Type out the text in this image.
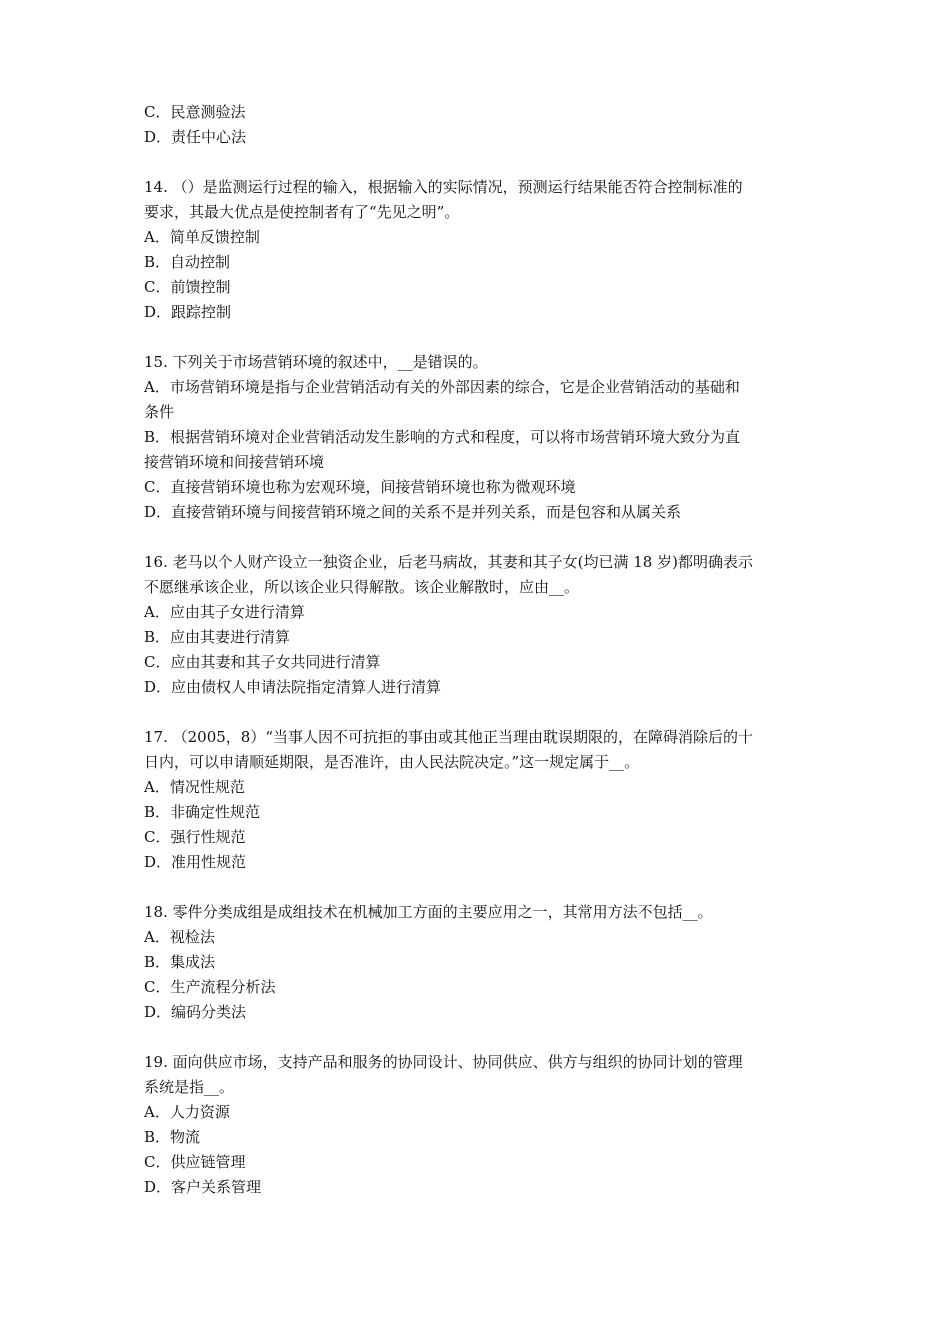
C．民意测验法
D．责任中心法
14. （）是监测运行过程的输入，根据输入的实际情况，预测运行结果能否符合控制标准的
要求，其最大优点是使控制者有了“先见之明”。
A．简单反馈控制
B．自动控制
C．前馈控制
D．跟踪控制
15. 下列关于市场营销环境的叙述中，__是错误的。
A．市场营销环境是指与企业营销活动有关的外部因素的综合，它是企业营销活动的基础和
条件
B．根据营销环境对企业营销活动发生影响的方式和程度，可以将市场营销环境大致分为直
接营销环境和间接营销环境
C．直接营销环境也称为宏观环境，间接营销环境也称为微观环境
D．直接营销环境与间接营销环境之间的关系不是并列关系，而是包容和从属关系
16. 老马以个人财产设立一独资企业，后老马病故，其妻和其子女(均已满 18 岁)都明确表示
不愿继承该企业，所以该企业只得解散。该企业解散时，应由__。
A．应由其子女进行清算
B．应由其妻进行清算
C．应由其妻和其子女共同进行清算
D．应由债权人申请法院指定清算人进行清算
17. （2005，8）“当事人因不可抗拒的事由或其他正当理由耽误期限的，在障碍消除后的十
日内，可以申请顺延期限，是否准许，由人民法院决定。”这一规定属于__。
A．情况性规范
B．非确定性规范
C．强行性规范
D．准用性规范
18. 零件分类成组是成组技术在机械加工方面的主要应用之一，其常用方法不包括__。
A．视检法
B．集成法
C．生产流程分析法
D．编码分类法
19. 面向供应市场，支持产品和服务的协同设计、协同供应、供方与组织的协同计划的管理
系统是指__。
A．人力资源
B．物流
C．供应链管理
D．客户关系管理
